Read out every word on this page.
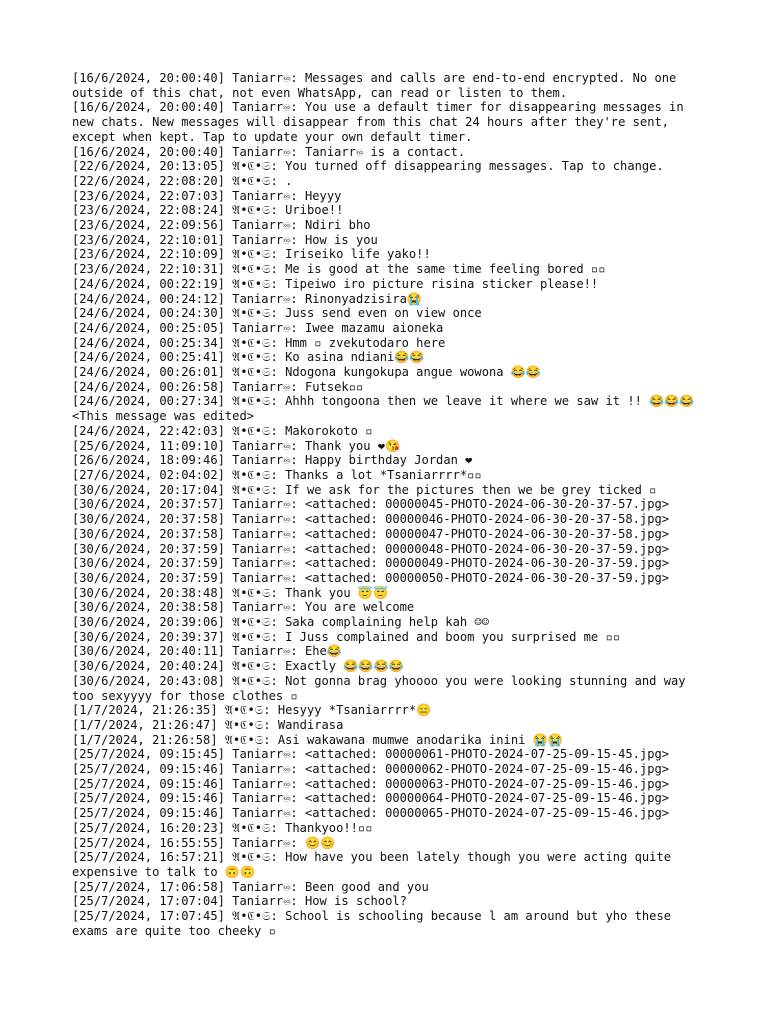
[16/6/2024, 20:00:40] Taniarr♾: Messages and calls are end-to-end encrypted. No one outside of this chat, not even WhatsApp, can read or listen to them.
[16/6/2024, 20:00:40] Taniarr♾: You use a default timer for disappearing messages in new chats. New messages will disappear from this chat 24 hours after they're sent, except when kept. Tap to update your own default timer.
[16/6/2024, 20:00:40] Taniarr♾: Taniarr♾ is a contact.
[22/6/2024, 20:13:05] 𝔄•ℭ•𝔖: You turned off disappearing messages. Tap to change.
[22/6/2024, 22:08:20] 𝔄•ℭ•𝔖: .
[23/6/2024, 22:07:03] Taniarr♾: Heyyy
[23/6/2024, 22:08:24] 𝔄•ℭ•𝔖: Uriboe!!
[23/6/2024, 22:09:56] Taniarr♾: Ndiri bho
[23/6/2024, 22:10:01] Taniarr♾: How is you
[23/6/2024, 22:10:09] 𝔄•ℭ•𝔖: Iriseiko life yako!!
[23/6/2024, 22:10:31] 𝔄•ℭ•𝔖: Me is good at the same time feeling bored ▫▫
[24/6/2024, 00:22:19] 𝔄•ℭ•𝔖: Tipeiwo iro picture risina sticker please!!
[24/6/2024, 00:24:12] Taniarr♾: Rinonyadzisira😭
[24/6/2024, 00:24:30] 𝔄•ℭ•𝔖: Juss send even on view once
[24/6/2024, 00:25:05] Taniarr♾: Iwee mazamu aioneka
[24/6/2024, 00:25:34] 𝔄•ℭ•𝔖: Hmm ▫ zvekutodaro here
[24/6/2024, 00:25:41] 𝔄•ℭ•𝔖: Ko asina ndiani😂😂
[24/6/2024, 00:26:01] 𝔄•ℭ•𝔖: Ndogona kungokupa angue wowona 😂😂
[24/6/2024, 00:26:58] Taniarr♾: Futsek▫▫
[24/6/2024, 00:27:34] 𝔄•ℭ•𝔖: Ahhh tongoona then we leave it where we saw it !! 😂😂😂 <This message was edited>
[24/6/2024, 22:42:03] 𝔄•ℭ•𝔖: Makorokoto ▫
[25/6/2024, 11:09:10] Taniarr♾: Thank you ❤😘
[26/6/2024, 18:09:46] Taniarr♾: Happy birthday Jordan ❤
[27/6/2024, 02:04:02] 𝔄•ℭ•𝔖: Thanks a lot *Tsaniarrrr*▫▫
[30/6/2024, 20:17:04] 𝔄•ℭ•𝔖: If we ask for the pictures then we be grey ticked ▫
[30/6/2024, 20:37:57] Taniarr♾: <attached: 00000045-PHOTO-2024-06-30-20-37-57.jpg>
[30/6/2024, 20:37:58] Taniarr♾: <attached: 00000046-PHOTO-2024-06-30-20-37-58.jpg>
[30/6/2024, 20:37:58] Taniarr♾: <attached: 00000047-PHOTO-2024-06-30-20-37-58.jpg>
[30/6/2024, 20:37:59] Taniarr♾: <attached: 00000048-PHOTO-2024-06-30-20-37-59.jpg>
[30/6/2024, 20:37:59] Taniarr♾: <attached: 00000049-PHOTO-2024-06-30-20-37-59.jpg>
[30/6/2024, 20:37:59] Taniarr♾: <attached: 00000050-PHOTO-2024-06-30-20-37-59.jpg>
[30/6/2024, 20:38:48] 𝔄•ℭ•𝔖: Thank you 😇😇
[30/6/2024, 20:38:58] Taniarr♾: You are welcome
[30/6/2024, 20:39:06] 𝔄•ℭ•𝔖: Saka complaining help kah ☺☺
[30/6/2024, 20:39:37] 𝔄•ℭ•𝔖: I Juss complained and boom you surprised me ▫▫
[30/6/2024, 20:40:11] Taniarr♾: Ehe😂
[30/6/2024, 20:40:24] 𝔄•ℭ•𝔖: Exactly 😂😂😂😂
[30/6/2024, 20:43:08] 𝔄•ℭ•𝔖: Not gonna brag yhoooo you were looking stunning and way too sexyyyy for those clothes ▫
[1/7/2024, 21:26:35] 𝔄•ℭ•𝔖: Hesyyy *Tsaniarrrr*😑
[1/7/2024, 21:26:47] 𝔄•ℭ•𝔖: Wandirasa
[1/7/2024, 21:26:58] 𝔄•ℭ•𝔖: Asi wakawana mumwe anodarika inini 😭😭
[25/7/2024, 09:15:45] Taniarr♾: <attached: 00000061-PHOTO-2024-07-25-09-15-45.jpg>
[25/7/2024, 09:15:46] Taniarr♾: <attached: 00000062-PHOTO-2024-07-25-09-15-46.jpg>
[25/7/2024, 09:15:46] Taniarr♾: <attached: 00000063-PHOTO-2024-07-25-09-15-46.jpg>
[25/7/2024, 09:15:46] Taniarr♾: <attached: 00000064-PHOTO-2024-07-25-09-15-46.jpg>
[25/7/2024, 09:15:46] Taniarr♾: <attached: 00000065-PHOTO-2024-07-25-09-15-46.jpg>
[25/7/2024, 16:20:23] 𝔄•ℭ•𝔖: Thankyoo!!▫▫
[25/7/2024, 16:55:55] Taniarr♾: 😊😊
[25/7/2024, 16:57:21] 𝔄•ℭ•𝔖: How have you been lately though you were acting quite expensive to talk to 🙃🙃
[25/7/2024, 17:06:58] Taniarr♾: Been good and you
[25/7/2024, 17:07:04] Taniarr♾: How is school?
[25/7/2024, 17:07:45] 𝔄•ℭ•𝔖: School is schooling because l am around but yho these exams are quite too cheeky ▫
